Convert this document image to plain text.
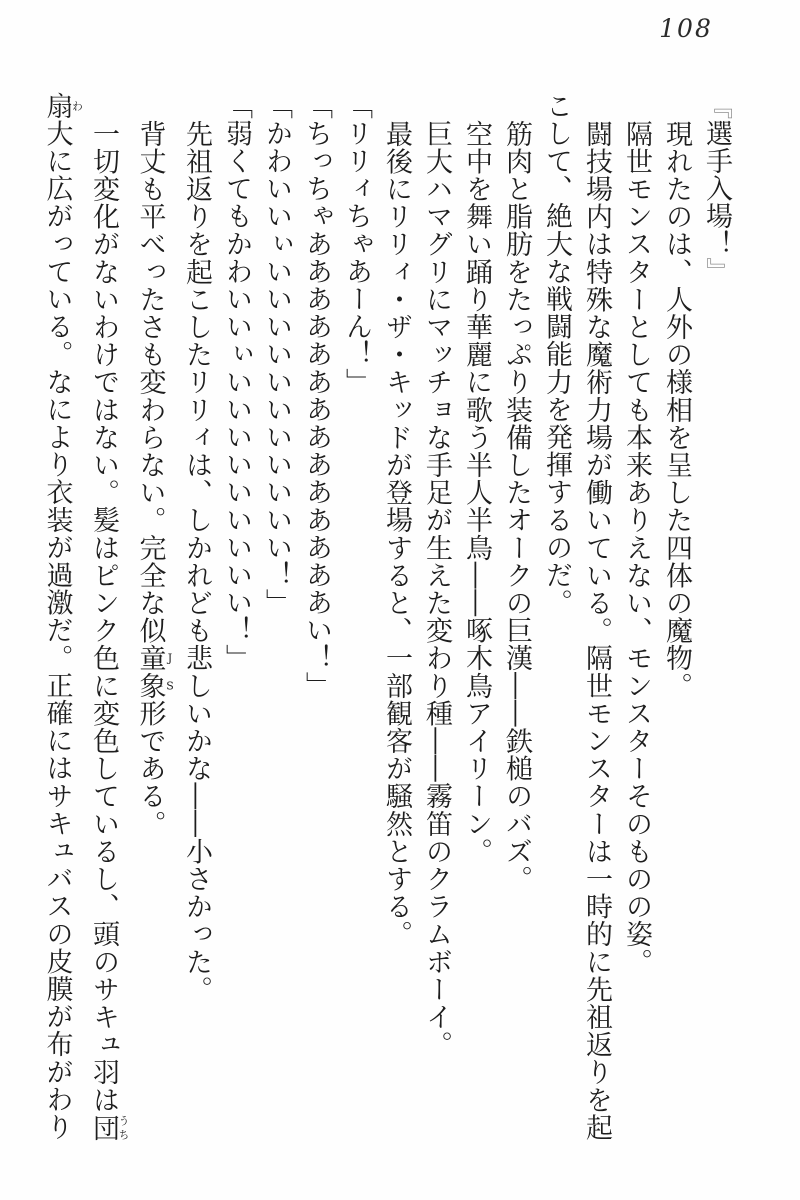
108
『選手入場！』
現れたのは、人外の様相を呈した四体の魔物。
隔世モンスターとしても本来ありえない、モンスターそのものの姿。
闘技場内は特殊な魔術力場が働いている。隔世モンスターは一時的に先祖返りを起
こして、絶大な戦闘能力を発揮するのだ。
筋肉と脂肪をたっぷり装備したオークの巨漢――鉄槌のバズ。
空中を舞い踊り華麗に歌う半人半鳥――啄木鳥アイリーン。
巨大ハマグリにマッチョな手足が生えた変わり種――霧笛のクラムボーイ。
最後にリリィ・ザ・キッドが登場すると、一部観客が騒然とする。
「リリィちゃあーん！」
「ちっちゃああああああああああああああい！」
「かわいいぃいいいいいいいいいいい！」
「弱くてもかわいいぃいいいいいいいいい！」
先祖返りを起こしたリリィは、しかれども悲しいかな――小さかった。
背丈も平べったさも変わらない。完全な似童J象S形である。
一切変化がないわけではない。髪はピンク色に変色しているし、頭のサキュ羽は団うち
扇わ大に広がっている。なにより衣装が過激だ。正確にはサキュバスの皮膜が布がわり
